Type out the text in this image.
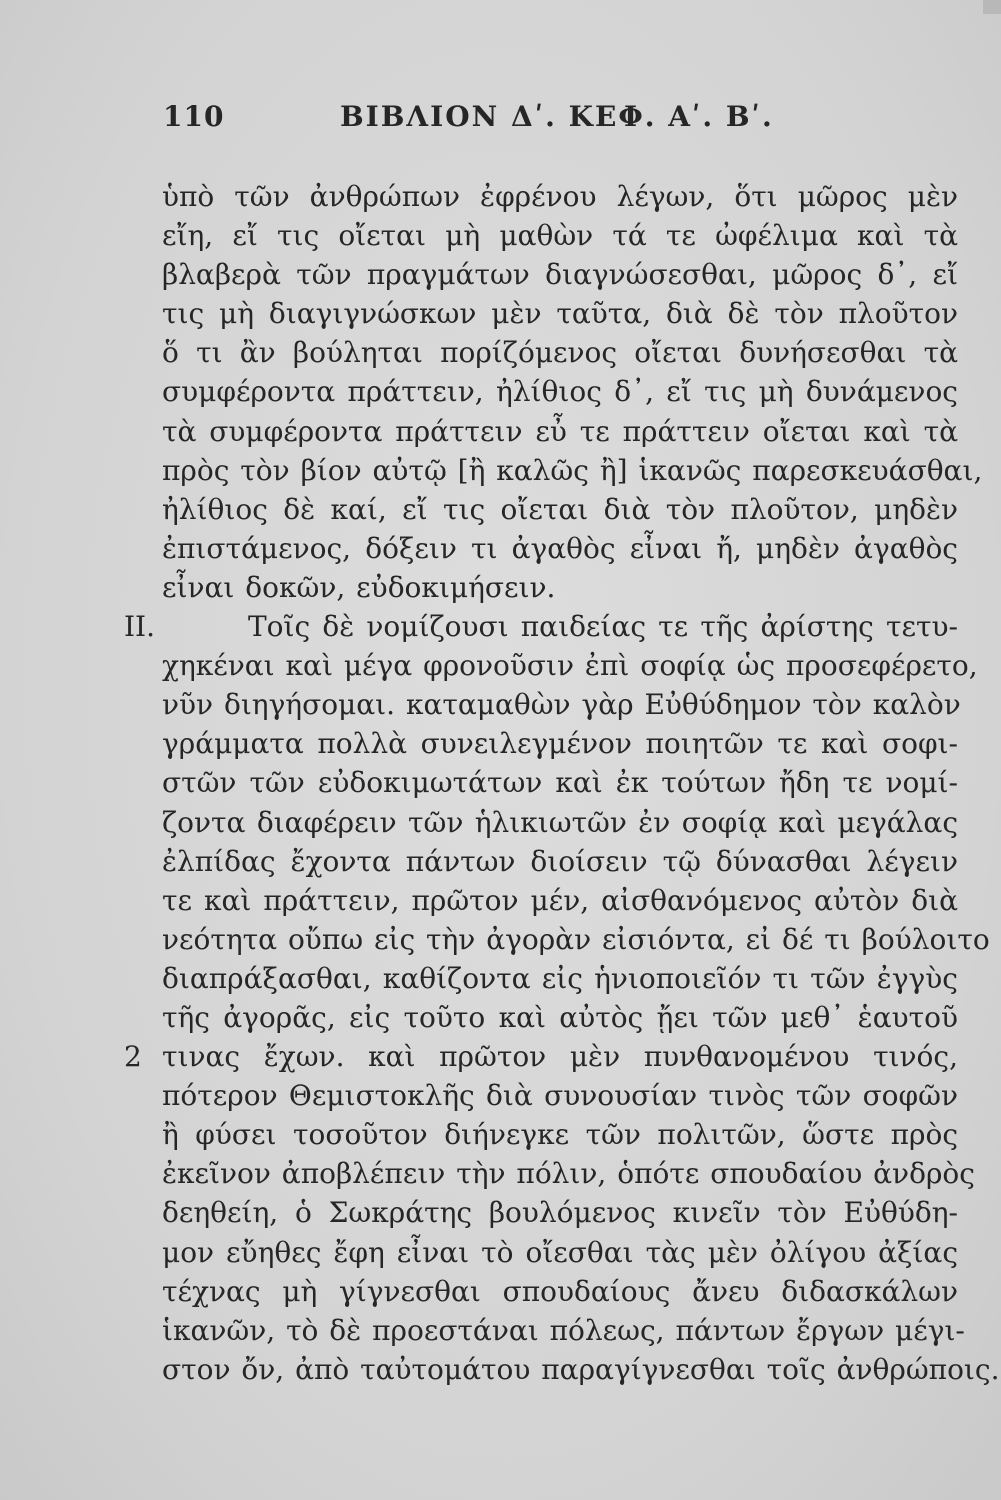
110	ΒΙΒΛΙΟΝ Δʹ. ΚΕΦ. Αʹ. Βʹ.
ὑπὸ τῶν ἀνθρώπων ἐφρένου λέγων, ὅτι μῶρος μὲν
εἴη, εἴ τις οἴεται μὴ μαθὼν τά τε ὠφέλιμα καὶ τὰ
βλαβερὰ τῶν πραγμάτων διαγνώσεσθαι, μῶρος δ᾽, εἴ
τις μὴ διαγιγνώσκων μὲν ταῦτα, διὰ δὲ τὸν πλοῦτον
ὅ τι ἂν βούληται πορίζόμενος οἴεται δυνήσεσθαι τὰ
συμφέροντα πράττειν, ἠλίθιος δ᾽, εἴ τις μὴ δυνάμενος
τὰ συμφέροντα πράττειν εὖ τε πράττειν οἴεται καὶ τὰ
πρὸς τὸν βίον αὐτῷ [ἢ καλῶς ἢ] ἱκανῶς παρεσκευάσθαι,
ἠλίθιος δὲ καί, εἴ τις οἴεται διὰ τὸν πλοῦτον, μηδὲν
ἐπιστάμενος, δόξειν τι ἀγαθὸς εἶναι ἤ, μηδὲν ἀγαθὸς
εἶναι δοκῶν, εὐδοκιμήσειν.
II.	Τοῖς δὲ νομίζουσι παιδείας τε τῆς ἀρίστης τετυ-
χηκέναι καὶ μέγα φρονοῦσιν ἐπὶ σοφίᾳ ὡς προσεφέρετο,
νῦν διηγήσομαι. καταμαθὼν γὰρ Εὐθύδημον τὸν καλὸν
γράμματα πολλὰ συνειλεγμένον ποιητῶν τε καὶ σοφι-
στῶν τῶν εὐδοκιμωτάτων καὶ ἐκ τούτων ἤδη τε νομί-
ζοντα διαφέρειν τῶν ἡλικιωτῶν ἐν σοφίᾳ καὶ μεγάλας
ἐλπίδας ἔχοντα πάντων διοίσειν τῷ δύνασθαι λέγειν
τε καὶ πράττειν, πρῶτον μέν, αἰσθανόμενος αὐτὸν διὰ
νεότητα οὔπω εἰς τὴν ἀγορὰν εἰσιόντα, εἰ δέ τι βούλοιτο
διαπράξασθαι, καθίζοντα εἰς ἡνιοποιεῖόν τι τῶν ἐγγὺς
τῆς ἀγορᾶς, εἰς τοῦτο καὶ αὐτὸς ᾔει τῶν μεθ᾽ ἑαυτοῦ
2 τινας ἔχων. καὶ πρῶτον μὲν πυνθανομένου τινός,
πότερον Θεμιστοκλῆς διὰ συνουσίαν τινὸς τῶν σοφῶν
ἢ φύσει τοσοῦτον διήνεγκε τῶν πολιτῶν, ὥστε πρὸς
ἐκεῖνον ἀποβλέπειν τὴν πόλιν, ὁπότε σπουδαίου ἀνδρὸς
δεηθείη, ὁ Σωκράτης βουλόμενος κινεῖν τὸν Εὐθύδη-
μον εὔηθες ἔφη εἶναι τὸ οἴεσθαι τὰς μὲν ὀλίγου ἀξίας
τέχνας μὴ γίγνεσθαι σπουδαίους ἄνευ διδασκάλων
ἱκανῶν, τὸ δὲ προεστάναι πόλεως, πάντων ἔργων μέγι-
στον ὄν, ἀπὸ ταὐτομάτου παραγίγνεσθαι τοῖς ἀνθρώποις.
